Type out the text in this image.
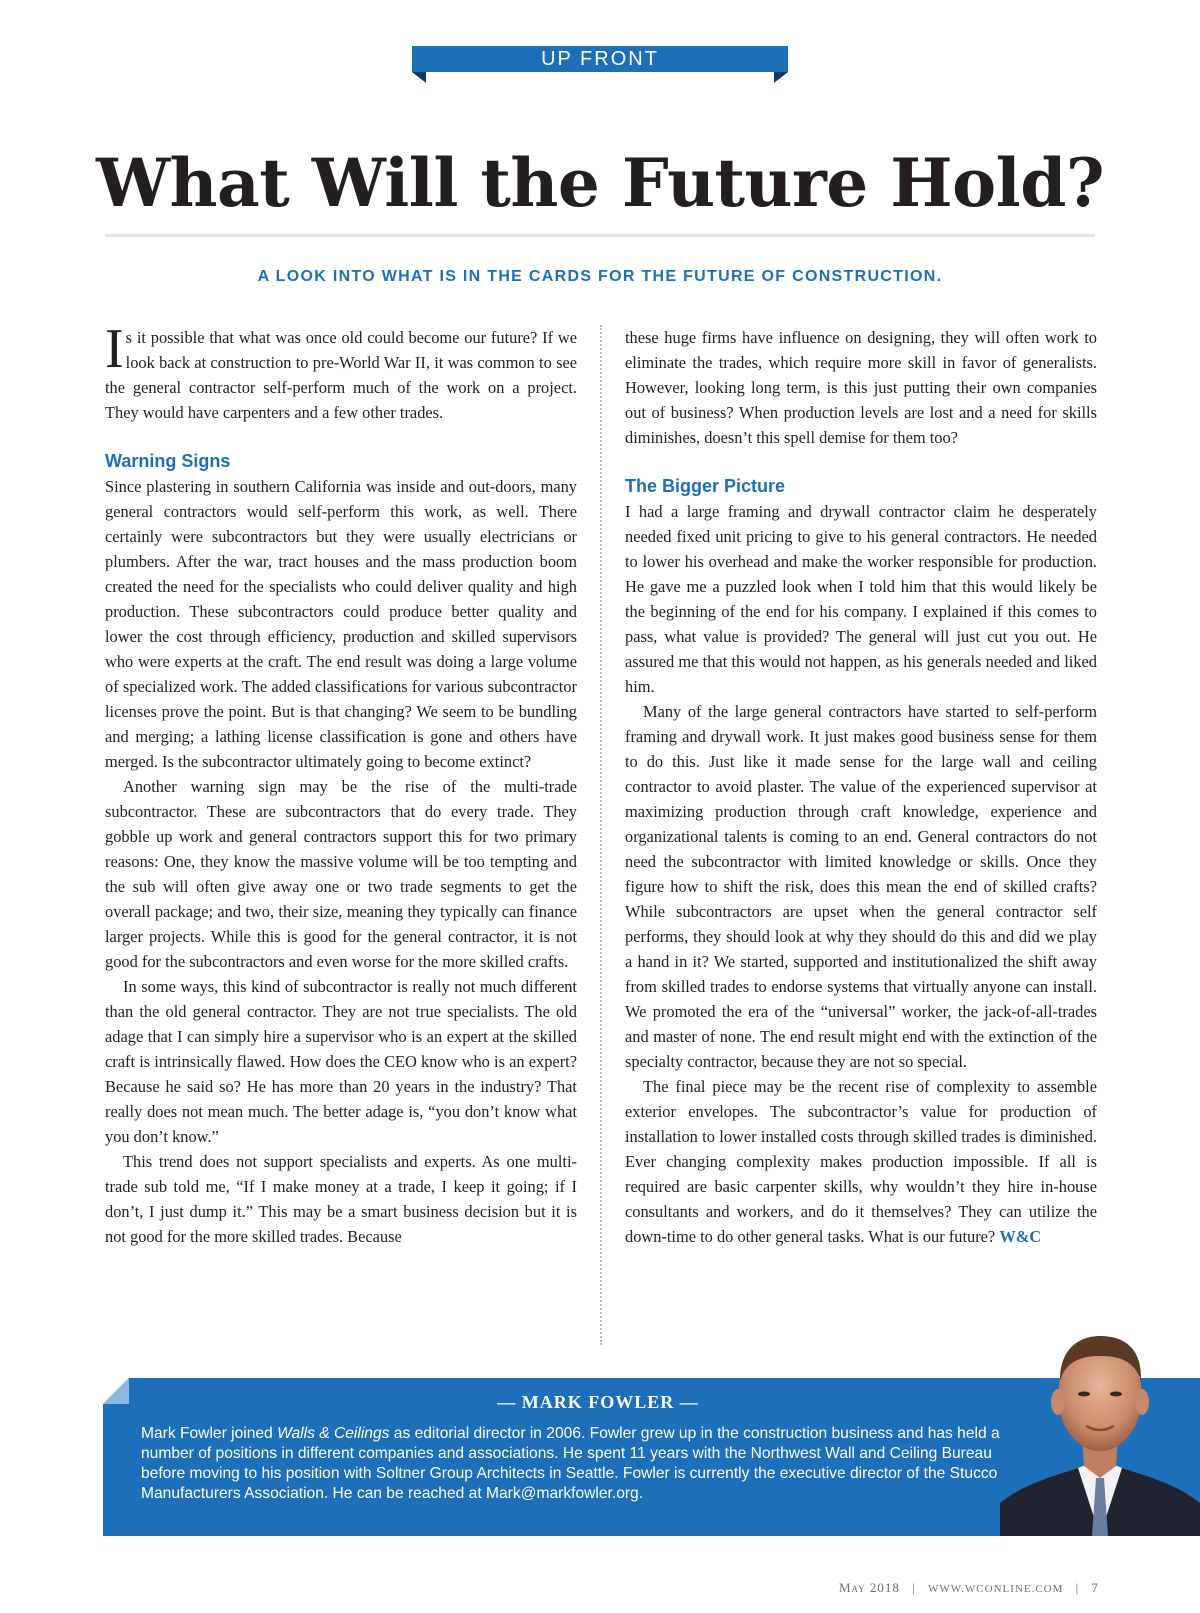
UP FRONT
What Will the Future Hold?
A LOOK INTO WHAT IS IN THE CARDS FOR THE FUTURE OF CONSTRUCTION.

Is it possible that what was once old could become our future? If we look back at construction to pre-World War II, it was common to see the general contractor self-perform much of the work on a project. They would have carpenters and a few other trades.

Warning Signs

Since plastering in southern California was inside and out-doors, many general contractors would self-perform this work, as well. There certainly were subcontractors but they were usually electricians or plumbers. After the war, tract houses and the mass production boom created the need for the specialists who could deliver quality and high production. These subcontractors could produce better quality and lower the cost through efficiency, production and skilled supervisors who were experts at the craft. The end result was doing a large volume of specialized work. The added classifications for various subcontractor licenses prove the point. But is that changing? We seem to be bundling and merging; a lathing license classification is gone and others have merged. Is the subcontractor ultimately going to become extinct?

Another warning sign may be the rise of the multi-trade subcontractor. These are subcontractors that do every trade. They gobble up work and general contractors support this for two primary reasons: One, they know the massive volume will be too tempting and the sub will often give away one or two trade segments to get the overall package; and two, their size, meaning they typically can finance larger projects. While this is good for the general contractor, it is not good for the subcontractors and even worse for the more skilled crafts.

In some ways, this kind of subcontractor is really not much different than the old general contractor. They are not true specialists. The old adage that I can simply hire a supervisor who is an expert at the skilled craft is intrinsically flawed. How does the CEO know who is an expert? Because he said so? He has more than 20 years in the industry? That really does not mean much. The better adage is, “you don’t know what you don’t know.”

This trend does not support specialists and experts. As one multi-trade sub told me, “If I make money at a trade, I keep it going; if I don’t, I just dump it.” This may be a smart business decision but it is not good for the more skilled trades. Because

these huge firms have influence on designing, they will often work to eliminate the trades, which require more skill in favor of generalists. However, looking long term, is this just putting their own companies out of business? When production levels are lost and a need for skills diminishes, doesn’t this spell demise for them too?

The Bigger Picture

I had a large framing and drywall contractor claim he desperately needed fixed unit pricing to give to his general contractors. He needed to lower his overhead and make the worker responsible for production. He gave me a puzzled look when I told him that this would likely be the beginning of the end for his company. I explained if this comes to pass, what value is provided? The general will just cut you out. He assured me that this would not happen, as his generals needed and liked him.

Many of the large general contractors have started to self-perform framing and drywall work. It just makes good business sense for them to do this. Just like it made sense for the large wall and ceiling contractor to avoid plaster. The value of the experienced supervisor at maximizing production through craft knowledge, experience and organizational talents is coming to an end. General contractors do not need the subcontractor with limited knowledge or skills. Once they figure how to shift the risk, does this mean the end of skilled crafts? While subcontractors are upset when the general contractor self performs, they should look at why they should do this and did we play a hand in it? We started, supported and institutionalized the shift away from skilled trades to endorse systems that virtually anyone can install. We promoted the era of the “universal” worker, the jack-of-all-trades and master of none. The end result might end with the extinction of the specialty contractor, because they are not so special.

The final piece may be the recent rise of complexity to assemble exterior envelopes. The subcontractor’s value for production of installation to lower installed costs through skilled trades is diminished. Ever changing complexity makes production impossible. If all is required are basic carpenter skills, why wouldn’t they hire in-house consultants and workers, and do it themselves? They can utilize the down-time to do other general tasks. What is our future? W&C

— MARK FOWLER —
Mark Fowler joined Walls & Ceilings as editorial director in 2006. Fowler grew up in the construction business and has held a number of positions in different companies and associations. He spent 11 years with the Northwest Wall and Ceiling Bureau before moving to his position with Soltner Group Architects in Seattle. Fowler is currently the executive director of the Stucco Manufacturers Association. He can be reached at Mark@markfowler.org.
May 2018 | WWW.WCONLINE.COM | 7
